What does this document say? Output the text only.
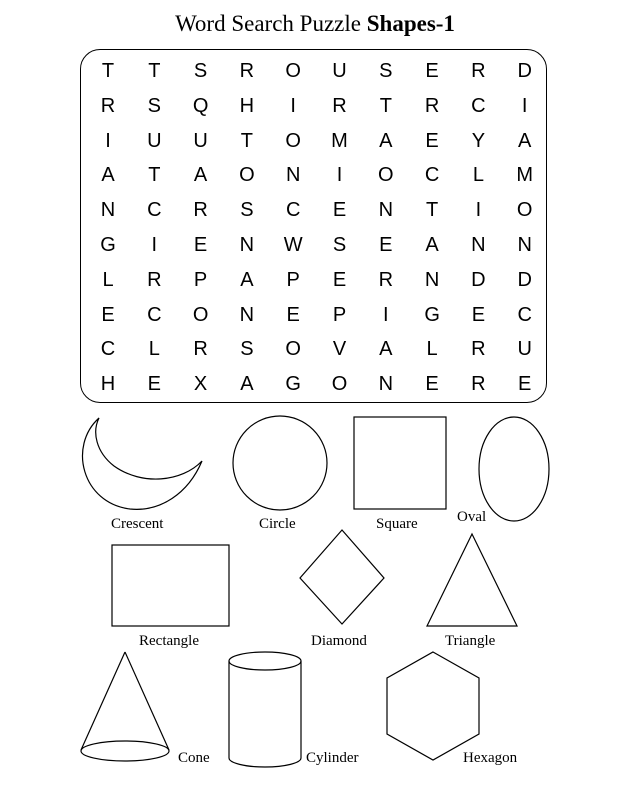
Word Search Puzzle Shapes-1
T	T	S	R	O	U	S	E	R	D
R	S	Q	H	I	R	T	R	C	I
I	U	U	T	O	M	A	E	Y	A
A	T	A	O	N	I	O	C	L	M
N	C	R	S	C	E	N	T	I	O
G	I	E	N	W	S	E	A	N	N
L	R	P	A	P	E	R	N	D	D
E	C	O	N	E	P	I	G	E	C
C	L	R	S	O	V	A	L	R	U
H	E	X	A	G	O	N	E	R	E
Crescent	Circle	Square	Oval
Rectangle	Diamond	Triangle
Cone	Cylinder	Hexagon
